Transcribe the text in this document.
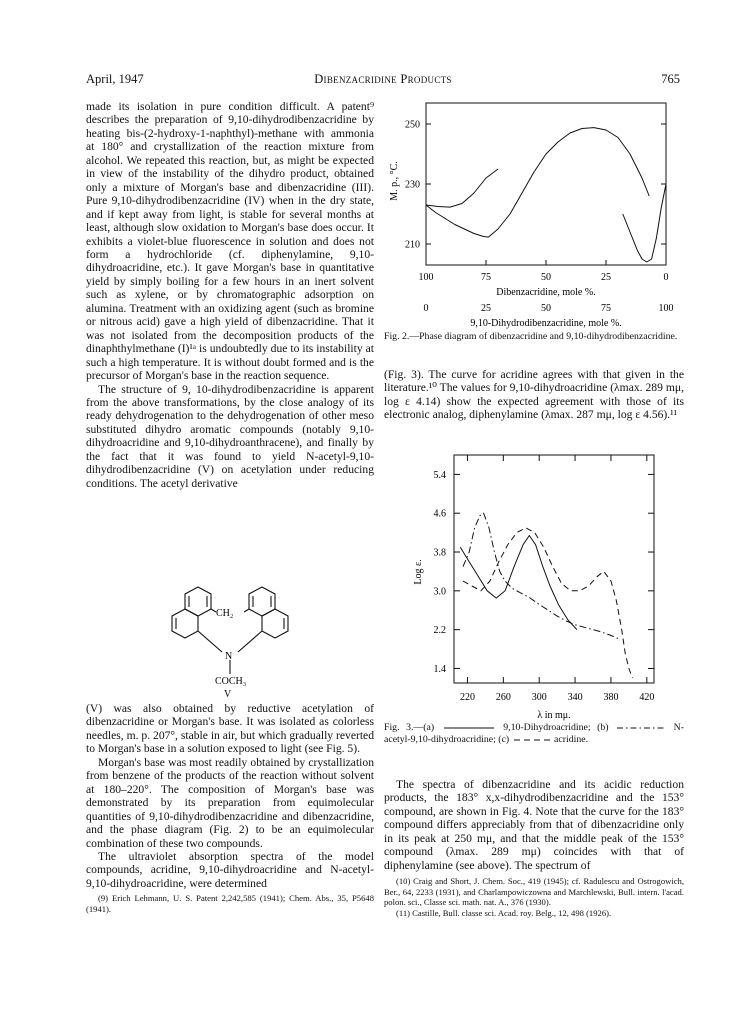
April, 1947	Dibenzacridine Products	765

made its isolation in pure condition difficult. A patent⁹ describes the preparation of 9,10-dihydrodibenzacridine by heating bis-(2-hydroxy-1-naphthyl)-methane with ammonia at 180° and crystallization of the reaction mixture from alcohol. We repeated this reaction, but, as might be expected in view of the instability of the dihydro product, obtained only a mixture of Morgan's base and dibenzacridine (III). Pure 9,10-dihydrodibenzacridine (IV) when in the dry state, and if kept away from light, is stable for several months at least, although slow oxidation to Morgan's base does occur. It exhibits a violet-blue fluorescence in solution and does not form a hydrochloride (cf. diphenylamine, 9,10-dihydroacridine, etc.). It gave Morgan's base in quantitative yield by simply boiling for a few hours in an inert solvent such as xylene, or by chromatographic adsorption on alumina. Treatment with an oxidizing agent (such as bromine or nitrous acid) gave a high yield of dibenzacridine. That it was not isolated from the decomposition products of the dinaphthylmethane (I)¹ᵃ is undoubtedly due to its instability at such a high temperature. It is without doubt formed and is the precursor of Morgan's base in the reaction sequence.

The structure of 9, 10-dihydrodibenzacridine is apparent from the above transformations, by the close analogy of its ready dehydrogenation to the dehydrogenation of other meso substituted dihydro aromatic compounds (notably 9,10-dihydroacridine and 9,10-dihydroanthracene), and finally by the fact that it was found to yield N-acetyl-9,10-dihydrodibenzacridine (V) on acetylation under reducing conditions. The acetyl derivative

CH₂
N
COCH₃
V

(V) was also obtained by reductive acetylation of dibenzacridine or Morgan's base. It was isolated as colorless needles, m. p. 207°, stable in air, but which gradually reverted to Morgan's base in a solution exposed to light (see Fig. 5).

Morgan's base was most readily obtained by crystallization from benzene of the products of the reaction without solvent at 180–220°. The composition of Morgan's base was demonstrated by its preparation from equimolecular quantities of 9,10-dihydrodibenzacridine and dibenzacridine, and the phase diagram (Fig. 2) to be an equimolecular combination of these two compounds.

The ultraviolet absorption spectra of the model compounds, acridine, 9,10-dihydroacridine and N-acetyl-9,10-dihydroacridine, were determined

(9) Erich Lehmann, U. S. Patent 2,242,585 (1941); Chem. Abs., 35, P5648 (1941).

210
230
250
100
0
75
25
50
50
25
75
0
100
M. p., °C.
Dibenzacridine, mole %.
9,10-Dihydrodibenzacridine, mole %.
Fig. 2.—Phase diagram of dibenzacridine and 9,10-dihydrodibenzacridine.

(Fig. 3). The curve for acridine agrees with that given in the literature.¹⁰ The values for 9,10-dihydroacridine (λmax. 289 mμ, log ε 4.14) show the expected agreement with those of its electronic analog, diphenylamine (λmax. 287 mμ, log ε 4.56).¹¹

1.4
2.2
3.0
3.8
4.6
5.4
220 260 300 340 380 420
Log ε.
λ in mμ.
Fig. 3.—(a)	9,10-Dihydroacridine; (b)	N-acetyl-9,10-dihydroacridine; (c)	acridine.

The spectra of dibenzacridine and its acidic reduction products, the 183° x,x-dihydrodibenzacridine and the 153° compound, are shown in Fig. 4. Note that the curve for the 183° compound differs appreciably from that of dibenzacridine only in its peak at 250 mμ, and that the middle peak of the 153° compound (λmax. 289 mμ) coincides with that of diphenylamine (see above). The spectrum of

(10) Craig and Short, J. Chem. Soc., 419 (1945); cf. Radulescu and Ostrogowich, Ber., 64, 2233 (1931), and Charlampowiczowna and Marchlewski, Bull. intern. l'acad. polon. sci., Classe sci. math. nat. A., 376 (1930).

(11) Castille, Bull. classe sci. Acad. roy. Belg., 12, 498 (1926).
